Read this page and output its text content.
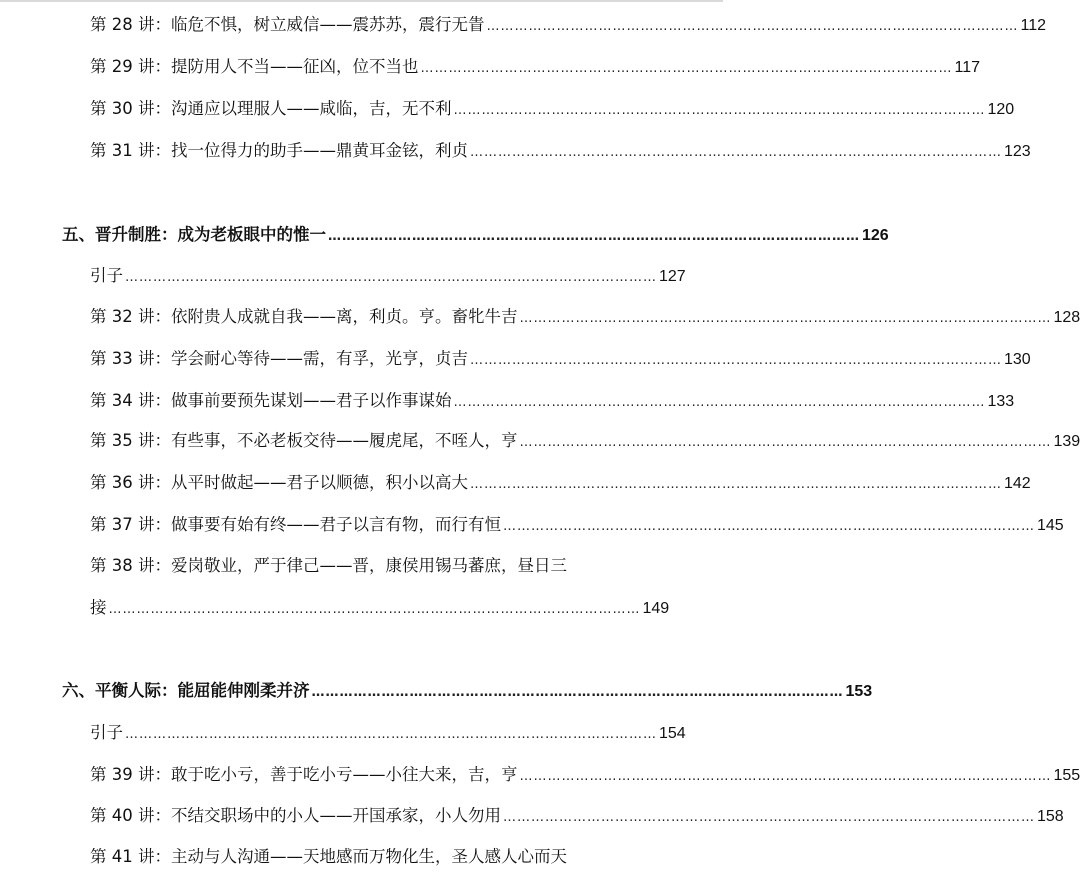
第 28 讲：临危不惧，树立威信——震苏苏，震行无眚 …………………………………………………………………………………………………… 112
第 29 讲：提防用人不当——征凶，位不当也 …………………………………………………………………………………………………… 117
第 30 讲：沟通应以理服人——咸临，吉，无不利 …………………………………………………………………………………………………… 120
第 31 讲：找一位得力的助手——鼎黄耳金铉，利贞 …………………………………………………………………………………………………… 123
五、晋升制胜：成为老板眼中的惟一 …………………………………………………………………………………………………… 126
引子 …………………………………………………………………………………………………… 127
第 32 讲：依附贵人成就自我——离，利贞。亨。畜牝牛吉 …………………………………………………………………………………………………… 128
第 33 讲：学会耐心等待——需，有孚，光亨，贞吉 …………………………………………………………………………………………………… 130
第 34 讲：做事前要预先谋划——君子以作事谋始 …………………………………………………………………………………………………… 133
第 35 讲：有些事，不必老板交待——履虎尾，不咥人，亨 …………………………………………………………………………………………………… 139
第 36 讲：从平时做起——君子以顺德，积小以高大 …………………………………………………………………………………………………… 142
第 37 讲：做事要有始有终——君子以言有物，而行有恒 …………………………………………………………………………………………………… 145
第 38 讲：爱岗敬业，严于律己——晋，康侯用锡马蕃庶，昼日三
接 …………………………………………………………………………………………………… 149
六、平衡人际：能屈能伸刚柔并济 …………………………………………………………………………………………………… 153
引子 …………………………………………………………………………………………………… 154
第 39 讲：敢于吃小亏，善于吃小亏——小往大来，吉，亨 …………………………………………………………………………………………………… 155
第 40 讲：不结交职场中的小人——开国承家，小人勿用 …………………………………………………………………………………………………… 158
第 41 讲：主动与人沟通——天地感而万物化生，圣人感人心而天
